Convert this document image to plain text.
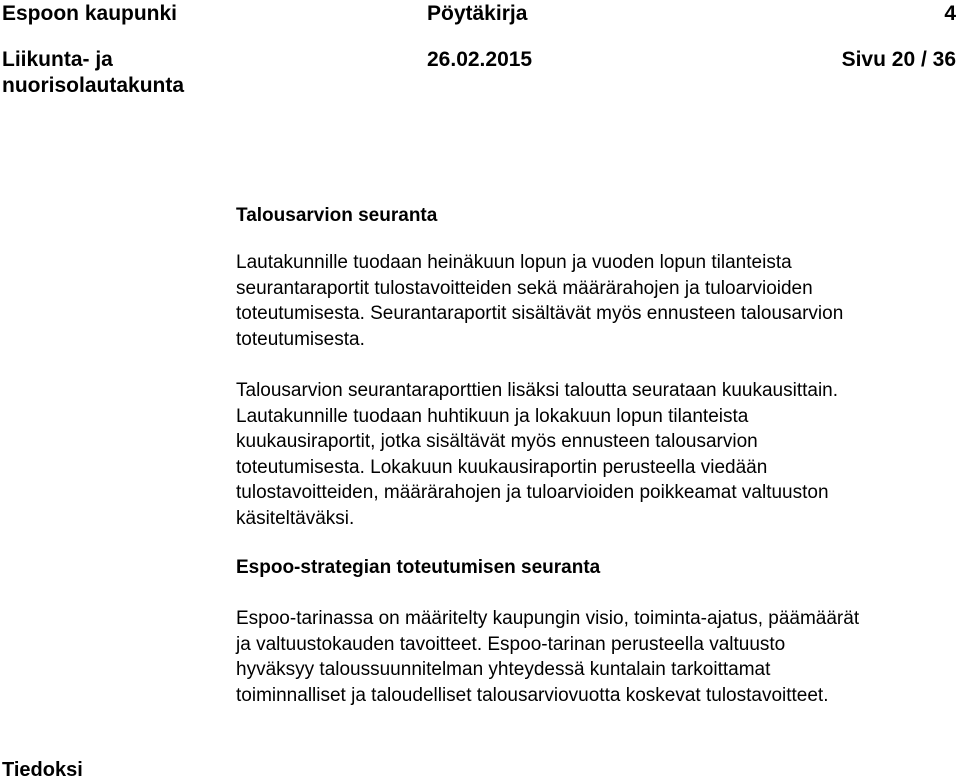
Espoon kaupunki	Pöytäkirja	4
Liikunta- ja
nuorisolautakunta
26.02.2015	Sivu 20 / 36
Talousarvion seuranta

Lautakunnille tuodaan heinäkuun lopun ja vuoden lopun tilanteista
seurantaraportit tulostavoitteiden sekä määrärahojen ja tuloarvioiden
toteutumisesta. Seurantaraportit sisältävät myös ennusteen talousarvion
toteutumisesta.

Talousarvion seurantaraporttien lisäksi taloutta seurataan kuukausittain.
Lautakunnille tuodaan huhtikuun ja lokakuun lopun tilanteista
kuukausiraportit, jotka sisältävät myös ennusteen talousarvion
toteutumisesta. Lokakuun kuukausiraportin perusteella viedään
tulostavoitteiden, määrärahojen ja tuloarvioiden poikkeamat valtuuston
käsiteltäväksi.

Espoo-strategian toteutumisen seuranta

Espoo-tarinassa on määritelty kaupungin visio, toiminta-ajatus, päämäärät
ja valtuustokauden tavoitteet. Espoo-tarinan perusteella valtuusto
hyväksyy taloussuunnitelman yhteydessä kuntalain tarkoittamat
toiminnalliset ja taloudelliset talousarviovuotta koskevat tulostavoitteet.

Tiedoksi
